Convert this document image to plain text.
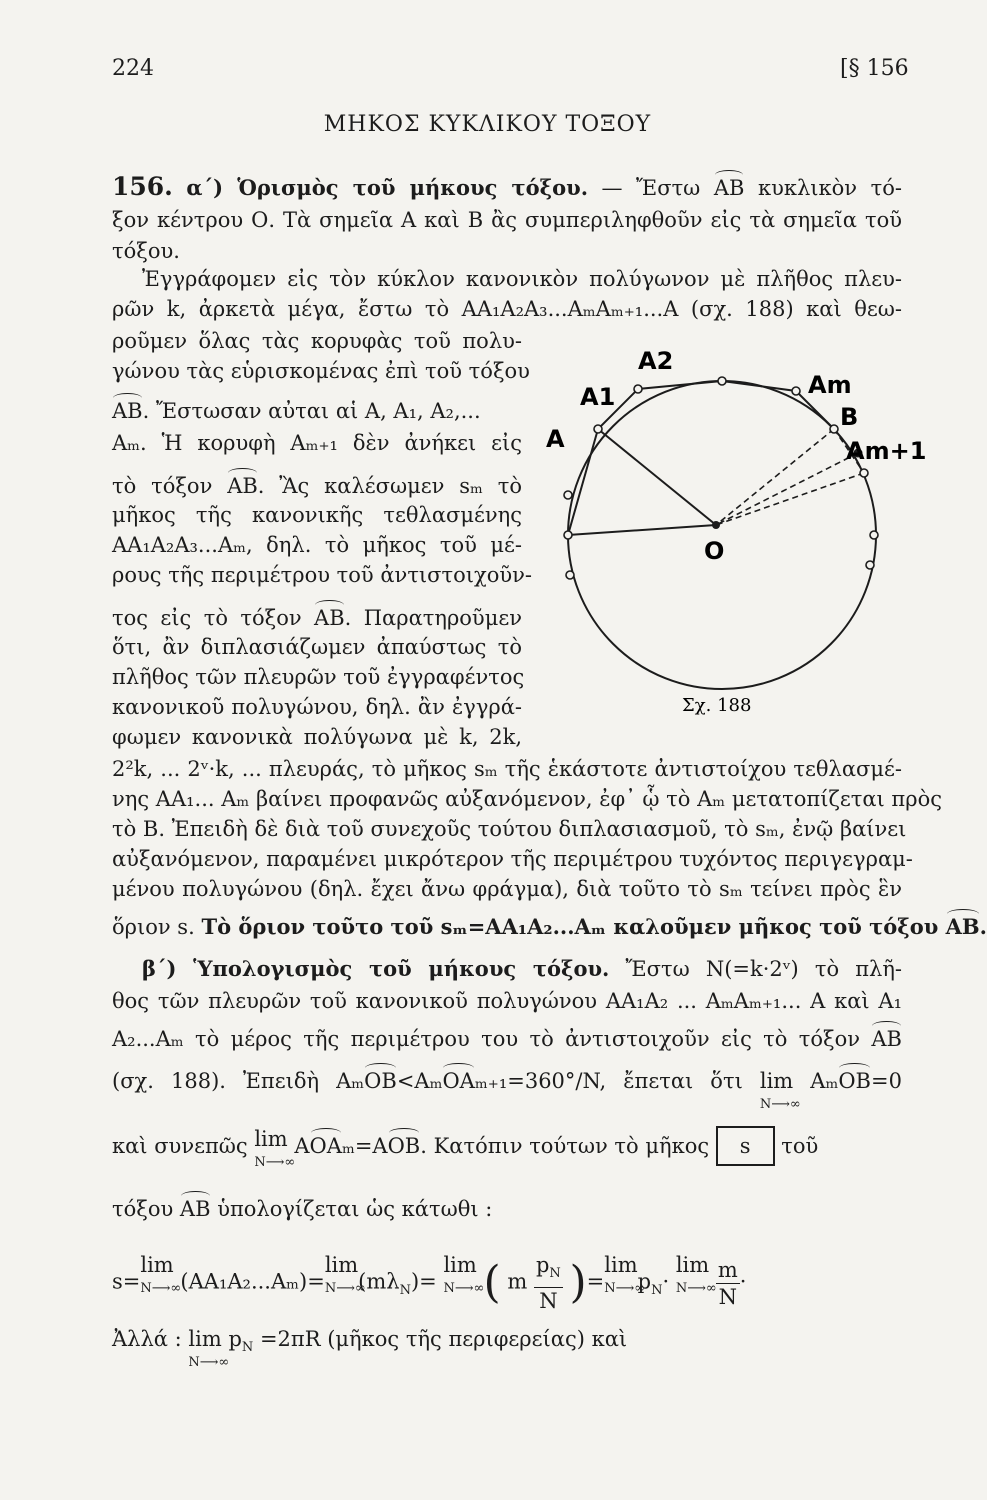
224	[§ 156
ΜΗΚΟΣ ΚΥΚΛΙΚΟΥ ΤΟΞΟΥ
156. α΄) Ὁρισμὸς τοῦ μήκους τόξου. — Ἔστω AB κυκλικὸν τό-
ξον κέντρου Ο. Τὰ σημεῖα Α καὶ Β ἂς συμπεριληφθοῦν εἰς τὰ σημεῖα τοῦ
τόξου.
Ἐγγράφομεν εἰς τὸν κύκλον κανονικὸν πολύγωνον μὲ πλῆθος πλευ-
ρῶν k, ἀρκετὰ μέγα, ἔστω τὸ AA₁A₂A₃...AₘAₘ₊₁...A (σχ. 188) καὶ θεω-
ροῦμεν ὅλας τὰς κορυφὰς τοῦ πολυ-
γώνου τὰς εὑρισκομένας ἐπὶ τοῦ τόξου
AB. Ἔστωσαν αὐται αἱ Α, Α₁, Α₂,...
Aₘ. Ἡ κορυφὴ Aₘ₊₁ δὲν ἀνήκει εἰς
τὸ τόξον AB. Ἂς καλέσωμεν sₘ τὸ
μῆκος τῆς κανονικῆς τεθλασμένης
AA₁A₂A₃...Aₘ, δηλ. τὸ μῆκος τοῦ μέ-
ρους τῆς περιμέτρου τοῦ ἀντιστοιχοῦν-
τος εἰς τὸ τόξον AB. Παρατηροῦμεν
ὅτι, ἂν διπλασιάζωμεν ἀπαύστως τὸ
πλῆθος τῶν πλευρῶν τοῦ ἐγγραφέντος
κανονικοῦ πολυγώνου, δηλ. ἂν ἐγγρά-
φωμεν κανονικὰ πολύγωνα μὲ k, 2k,
2²k, ... 2ᵛ·k, ... πλευράς, τὸ μῆκος sₘ τῆς ἑκάστοτε ἀντιστοίχου τεθλασμέ-
νης AA₁... Aₘ βαίνει προφανῶς αὐξανόμενον, ἐφ᾿ ᾧ τὸ Aₘ μετατοπίζεται πρὸς
τὸ Β. Ἐπειδὴ δὲ διὰ τοῦ συνεχοῦς τούτου διπλασιασμοῦ, τὸ sₘ, ἐνῷ βαίνει
αὐξανόμενον, παραμένει μικρότερον τῆς περιμέτρου τυχόντος περιγεγραμ-
μένου πολυγώνου (δηλ. ἔχει ἄνω φράγμα), διὰ τοῦτο τὸ sₘ τείνει πρὸς ἓν
ὅριον s. Τὸ ὅριον τοῦτο τοῦ sₘ=AA₁A₂...Aₘ καλοῦμεν μῆκος τοῦ τόξου AB.
β΄) Ὑπολογισμὸς τοῦ μήκους τόξου. Ἔστω N(=k·2ᵛ) τὸ πλῆ-
θος τῶν πλευρῶν τοῦ κανονικοῦ πολυγώνου AA₁A₂ ... AₘAₘ₊₁... A καὶ A₁
A₂...Aₘ τὸ μέρος τῆς περιμέτρου του τὸ ἀντιστοιχοῦν εἰς τὸ τόξον AB
(σχ. 188). Ἐπειδὴ AₘOB<AₘOAₘ₊₁=360°/N, ἔπεται ὅτι lim
N⟶∞
AₘOB=0
καὶ συνεπῶς lim
N⟶∞
AOAₘ=AOB. Κατόπιν τούτων τὸ μῆκος s τοῦ
τόξου AB ὑπολογίζεται ὡς κάτωθι :
s=lim
N⟶∞ (AA₁A₂...Aₘ)=lim
N⟶∞
$(m\lambda_N)= \lim$
N⟶∞ ( m $\frac{p_N}{N} )=\lim$
N⟶∞
$p_N\cdot \lim$
N⟶∞
$\frac{m}{N}$ ·
Ἀλλά : lim
N⟶∞
$p_N =2\pi R$ (μῆκος τῆς περιφερείας) καὶ
A
A1
A2
Am
B
Am+1
O
Σχ. 188
